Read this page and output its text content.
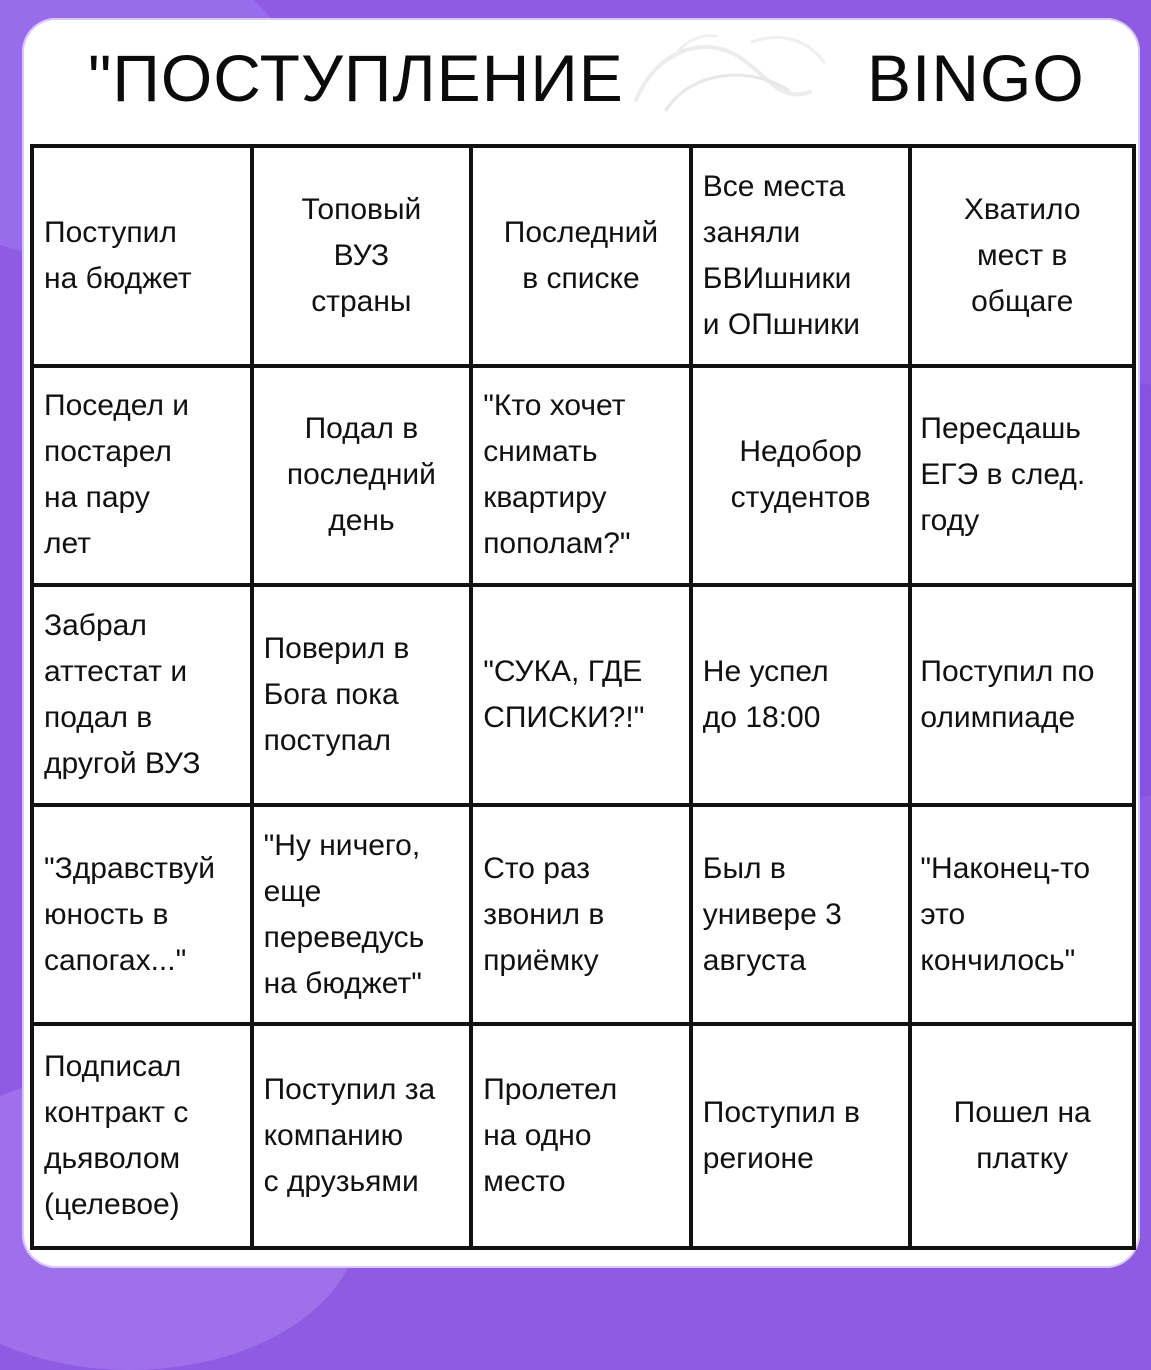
"ПОСТУПЛЕНИЕ	BINGO
Поступил
на бюджет
Топовый
ВУЗ
страны
Последний
в списке
Все места
заняли
БВИшники
и ОПшники
Хватило
мест в
общаге
Поседел и
постарел
на пару
лет
Подал в
последний
день
"Кто хочет
снимать
квартиру
пополам?"
Недобор
студентов
Пересдашь
ЕГЭ в след.
году
Забрал
аттестат и
подал в
другой ВУЗ
Поверил в
Бога пока
поступал
"СУКА, ГДЕ
СПИСКИ?!"
Не успел
до 18:00
Поступил по
олимпиаде
"Здравствуй
юность в
сапогах..."
"Ну ничего,
еще
переведусь
на бюджет"
Сто раз
звонил в
приёмку
Был в
универе 3
августа
"Наконец-то
это
кончилось"
Подписал
контракт с
дьяволом
(целевое)
Поступил за
компанию
с друзьями
Пролетел
на одно
место
Поступил в
регионе
Пошел на
платку
